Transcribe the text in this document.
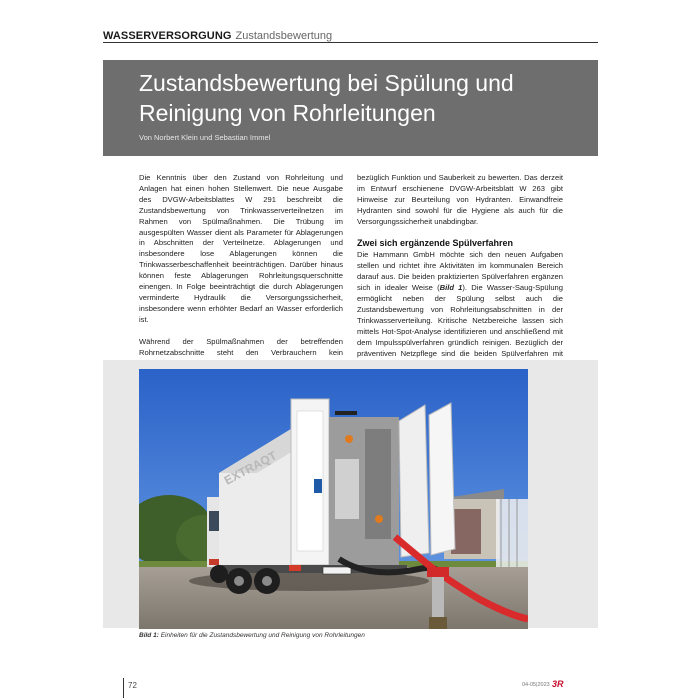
WASSERVERSORGUNG Zustandsbewertung
Zustandsbewertung bei Spülung und
Reinigung von Rohrleitungen
Von Norbert Klein und Sebastian Immel

Die Kenntnis über den Zustand von Rohrleitung und Anlagen hat einen hohen Stellenwert. Die neue Ausgabe des DVGW-Arbeitsblattes W 291 beschreibt die Zustandsbewertung von Trinkwasserverteilnetzen im Rahmen von Spülmaßnahmen. Die Trübung im ausgespülten Wasser dient als Parameter für Ablagerungen in Abschnitten der Verteilnetze. Ablagerungen und insbesondere lose Ablagerungen können die Trinkwasserbeschaffenheit beeinträchtigen. Darüber hinaus können feste Ablagerungen Rohrleitungsquerschnitte einengen. In Folge beeinträchtigt die durch Ablagerungen verminderte Hydraulik die Versorgungssicherheit, insbesondere wenn erhöhter Bedarf an Wasser erforderlich ist.

Während der Spülmaßnahmen der betreffenden Rohrnetzabschnitte steht den Verbrauchern kein

bezüglich Funktion und Sauberkeit zu bewerten. Das derzeit im Entwurf erschienene DVGW-Arbeitsblatt W 263 gibt Hinweise zur Beurteilung von Hydranten. Einwandfreie Hydranten sind sowohl für die Hygiene als auch für die Versorgungssicherheit unabdingbar.

Zwei sich ergänzende Spülverfahren

Die Hammann GmbH möchte sich den neuen Aufgaben stellen und richtet ihre Aktivitäten im kommunalen Bereich darauf aus. Die beiden praktizierten Spülverfahren ergänzen sich in idealer Weise (Bild 1). Die Wasser-Saug-Spülung ermöglicht neben der Spülung selbst auch die Zustandsbewertung von Rohrleitungsabschnitten in der Trinkwasserverteilung. Kritische Netzbereiche lassen sich mittels Hot-Spot-Analyse identifizieren und anschließend mit dem Impulsspülverfahren gründlich reinigen. Bezüglich der präventiven Netzpflege sind die beiden Spülverfahren mit

EXTRAQT
Bild 1: Einheiten für die Zustandsbewertung und Reinigung von Rohrleitungen
72	04-05|2023 3R
